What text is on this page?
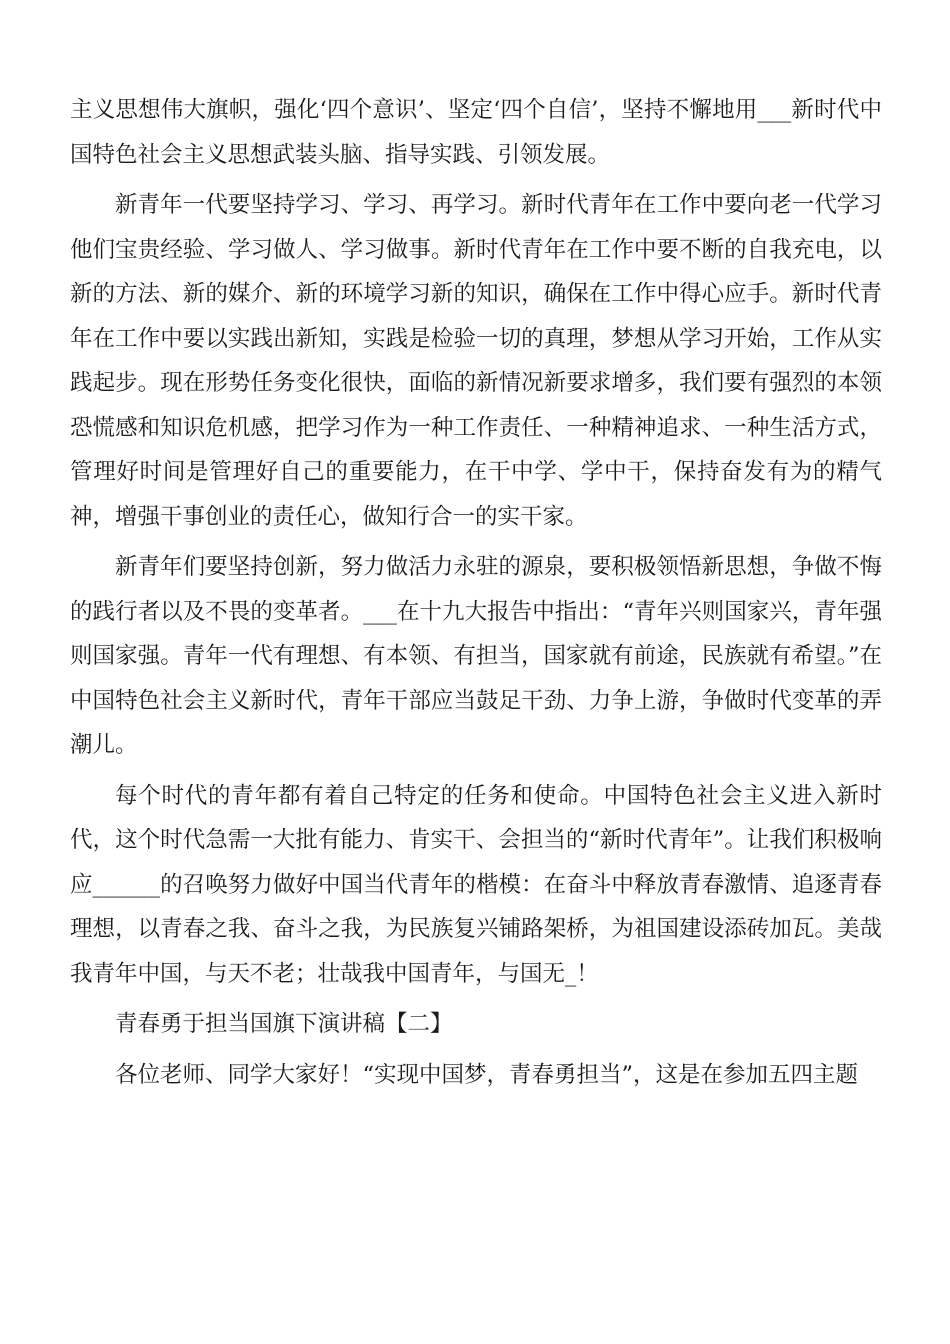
主义思想伟大旗帜，强化‘四个意识’、坚定‘四个自信’，坚持不懈地用___新时代中国特色社会主义思想武装头脑、指导实践、引领发展。

新青年一代要坚持学习、学习、再学习。新时代青年在工作中要向老一代学习他们宝贵经验、学习做人、学习做事。新时代青年在工作中要不断的自我充电，以新的方法、新的媒介、新的环境学习新的知识，确保在工作中得心应手。新时代青年在工作中要以实践出新知，实践是检验一切的真理，梦想从学习开始，工作从实践起步。现在形势任务变化很快，面临的新情况新要求增多，我们要有强烈的本领恐慌感和知识危机感，把学习作为一种工作责任、一种精神追求、一种生活方式，管理好时间是管理好自己的重要能力，在干中学、学中干，保持奋发有为的精气神，增强干事创业的责任心，做知行合一的实干家。

新青年们要坚持创新，努力做活力永驻的源泉，要积极领悟新思想，争做不悔的践行者以及不畏的变革者。___在十九大报告中指出：“青年兴则国家兴，青年强则国家强。青年一代有理想、有本领、有担当，国家就有前途，民族就有希望。”在中国特色社会主义新时代，青年干部应当鼓足干劲、力争上游，争做时代变革的弄潮儿。

每个时代的青年都有着自己特定的任务和使命。中国特色社会主义进入新时代，这个时代急需一大批有能力、肯实干、会担当的“新时代青年”。让我们积极响应______的召唤努力做好中国当代青年的楷模：在奋斗中释放青春激情、追逐青春理想，以青春之我、奋斗之我，为民族复兴铺路架桥，为祖国建设添砖加瓦。美哉我青年中国，与天不老；壮哉我中国青年，与国无_！

青春勇于担当国旗下演讲稿【二】

各位老师、同学大家好！“实现中国梦，青春勇担当”，这是在参加五四主题
